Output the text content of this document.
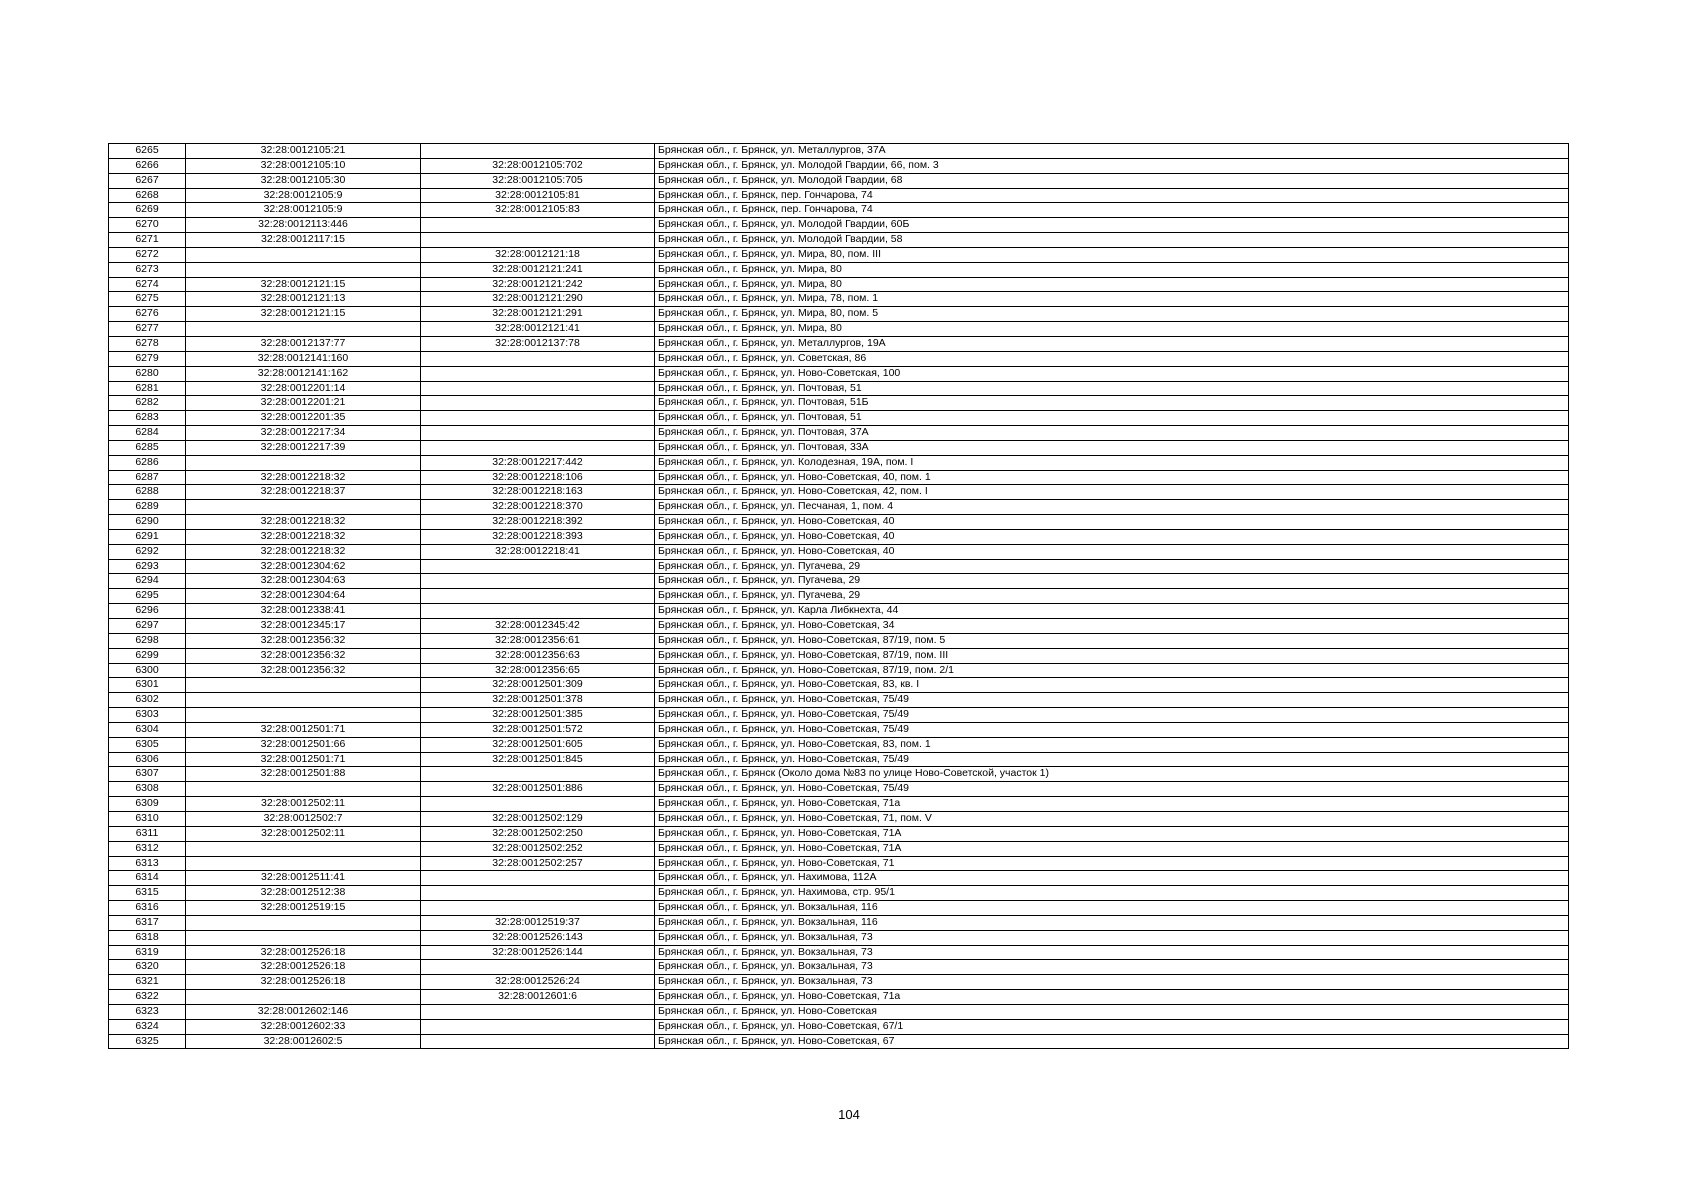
6265	32:28:0012105:21		Брянская обл., г. Брянск, ул. Металлургов, 37А
6266	32:28:0012105:10	32:28:0012105:702	Брянская обл., г. Брянск, ул. Молодой Гвардии, 66, пом. 3
6267	32:28:0012105:30	32:28:0012105:705	Брянская обл., г. Брянск, ул. Молодой Гвардии, 68
6268	32:28:0012105:9	32:28:0012105:81	Брянская обл., г. Брянск, пер. Гончарова, 74
6269	32:28:0012105:9	32:28:0012105:83	Брянская обл., г. Брянск, пер. Гончарова, 74
6270	32:28:0012113:446		Брянская обл., г. Брянск, ул. Молодой Гвардии, 60Б
6271	32:28:0012117:15		Брянская обл., г. Брянск, ул. Молодой Гвардии, 58
6272		32:28:0012121:18	Брянская обл., г. Брянск, ул. Мира, 80, пом. III
6273		32:28:0012121:241	Брянская обл., г. Брянск, ул. Мира, 80
6274	32:28:0012121:15	32:28:0012121:242	Брянская обл., г. Брянск, ул. Мира, 80
6275	32:28:0012121:13	32:28:0012121:290	Брянская обл., г. Брянск, ул. Мира, 78, пом. 1
6276	32:28:0012121:15	32:28:0012121:291	Брянская обл., г. Брянск, ул. Мира, 80, пом. 5
6277		32:28:0012121:41	Брянская обл., г. Брянск, ул. Мира, 80
6278	32:28:0012137:77	32:28:0012137:78	Брянская обл., г. Брянск, ул. Металлургов, 19А
6279	32:28:0012141:160		Брянская обл., г. Брянск, ул. Советская, 86
6280	32:28:0012141:162		Брянская обл., г. Брянск, ул. Ново-Советская, 100
6281	32:28:0012201:14		Брянская обл., г. Брянск, ул. Почтовая, 51
6282	32:28:0012201:21		Брянская обл., г. Брянск, ул. Почтовая, 51Б
6283	32:28:0012201:35		Брянская обл., г. Брянск, ул. Почтовая, 51
6284	32:28:0012217:34		Брянская обл., г. Брянск, ул. Почтовая, 37А
6285	32:28:0012217:39		Брянская обл., г. Брянск, ул. Почтовая, 33А
6286		32:28:0012217:442	Брянская обл., г. Брянск, ул. Колодезная, 19А, пом. I
6287	32:28:0012218:32	32:28:0012218:106	Брянская обл., г. Брянск, ул. Ново-Советская, 40, пом. 1
6288	32:28:0012218:37	32:28:0012218:163	Брянская обл., г. Брянск, ул. Ново-Советская, 42, пом. I
6289		32:28:0012218:370	Брянская обл., г. Брянск, ул. Песчаная, 1, пом. 4
6290	32:28:0012218:32	32:28:0012218:392	Брянская обл., г. Брянск, ул. Ново-Советская, 40
6291	32:28:0012218:32	32:28:0012218:393	Брянская обл., г. Брянск, ул. Ново-Советская, 40
6292	32:28:0012218:32	32:28:0012218:41	Брянская обл., г. Брянск, ул. Ново-Советская, 40
6293	32:28:0012304:62		Брянская обл., г. Брянск, ул. Пугачева, 29
6294	32:28:0012304:63		Брянская обл., г. Брянск, ул. Пугачева, 29
6295	32:28:0012304:64		Брянская обл., г. Брянск, ул. Пугачева, 29
6296	32:28:0012338:41		Брянская обл., г. Брянск, ул. Карла Либкнехта, 44
6297	32:28:0012345:17	32:28:0012345:42	Брянская обл., г. Брянск, ул. Ново-Советская, 34
6298	32:28:0012356:32	32:28:0012356:61	Брянская обл., г. Брянск, ул. Ново-Советская, 87/19, пом. 5
6299	32:28:0012356:32	32:28:0012356:63	Брянская обл., г. Брянск, ул. Ново-Советская, 87/19, пом. III
6300	32:28:0012356:32	32:28:0012356:65	Брянская обл., г. Брянск, ул. Ново-Советская, 87/19, пом. 2/1
6301		32:28:0012501:309	Брянская обл., г. Брянск, ул. Ново-Советская, 83, кв. I
6302		32:28:0012501:378	Брянская обл., г. Брянск, ул. Ново-Советская, 75/49
6303		32:28:0012501:385	Брянская обл., г. Брянск, ул. Ново-Советская, 75/49
6304	32:28:0012501:71	32:28:0012501:572	Брянская обл., г. Брянск, ул. Ново-Советская, 75/49
6305	32:28:0012501:66	32:28:0012501:605	Брянская обл., г. Брянск, ул. Ново-Советская, 83, пом. 1
6306	32:28:0012501:71	32:28:0012501:845	Брянская обл., г. Брянск, ул. Ново-Советская, 75/49
6307	32:28:0012501:88		Брянская обл., г. Брянск (Около дома №83 по улице Ново-Советской, участок 1)
6308		32:28:0012501:886	Брянская обл., г. Брянск, ул. Ново-Советская, 75/49
6309	32:28:0012502:11		Брянская обл., г. Брянск, ул. Ново-Советская, 71а
6310	32:28:0012502:7	32:28:0012502:129	Брянская обл., г. Брянск, ул. Ново-Советская, 71, пом. V
6311	32:28:0012502:11	32:28:0012502:250	Брянская обл., г. Брянск, ул. Ново-Советская, 71А
6312		32:28:0012502:252	Брянская обл., г. Брянск, ул. Ново-Советская, 71А
6313		32:28:0012502:257	Брянская обл., г. Брянск, ул. Ново-Советская, 71
6314	32:28:0012511:41		Брянская обл., г. Брянск, ул. Нахимова, 112А
6315	32:28:0012512:38		Брянская обл., г. Брянск, ул. Нахимова, стр. 95/1
6316	32:28:0012519:15		Брянская обл., г. Брянск, ул. Вокзальная, 116
6317		32:28:0012519:37	Брянская обл., г. Брянск, ул. Вокзальная, 116
6318		32:28:0012526:143	Брянская обл., г. Брянск, ул. Вокзальная, 73
6319	32:28:0012526:18	32:28:0012526:144	Брянская обл., г. Брянск, ул. Вокзальная, 73
6320	32:28:0012526:18		Брянская обл., г. Брянск, ул. Вокзальная, 73
6321	32:28:0012526:18	32:28:0012526:24	Брянская обл., г. Брянск, ул. Вокзальная, 73
6322		32:28:0012601:6	Брянская обл., г. Брянск, ул. Ново-Советская, 71а
6323	32:28:0012602:146		Брянская обл., г. Брянск, ул. Ново-Советская
6324	32:28:0012602:33		Брянская обл., г. Брянск, ул. Ново-Советская, 67/1
6325	32:28:0012602:5		Брянская обл., г. Брянск, ул. Ново-Советская, 67
104
